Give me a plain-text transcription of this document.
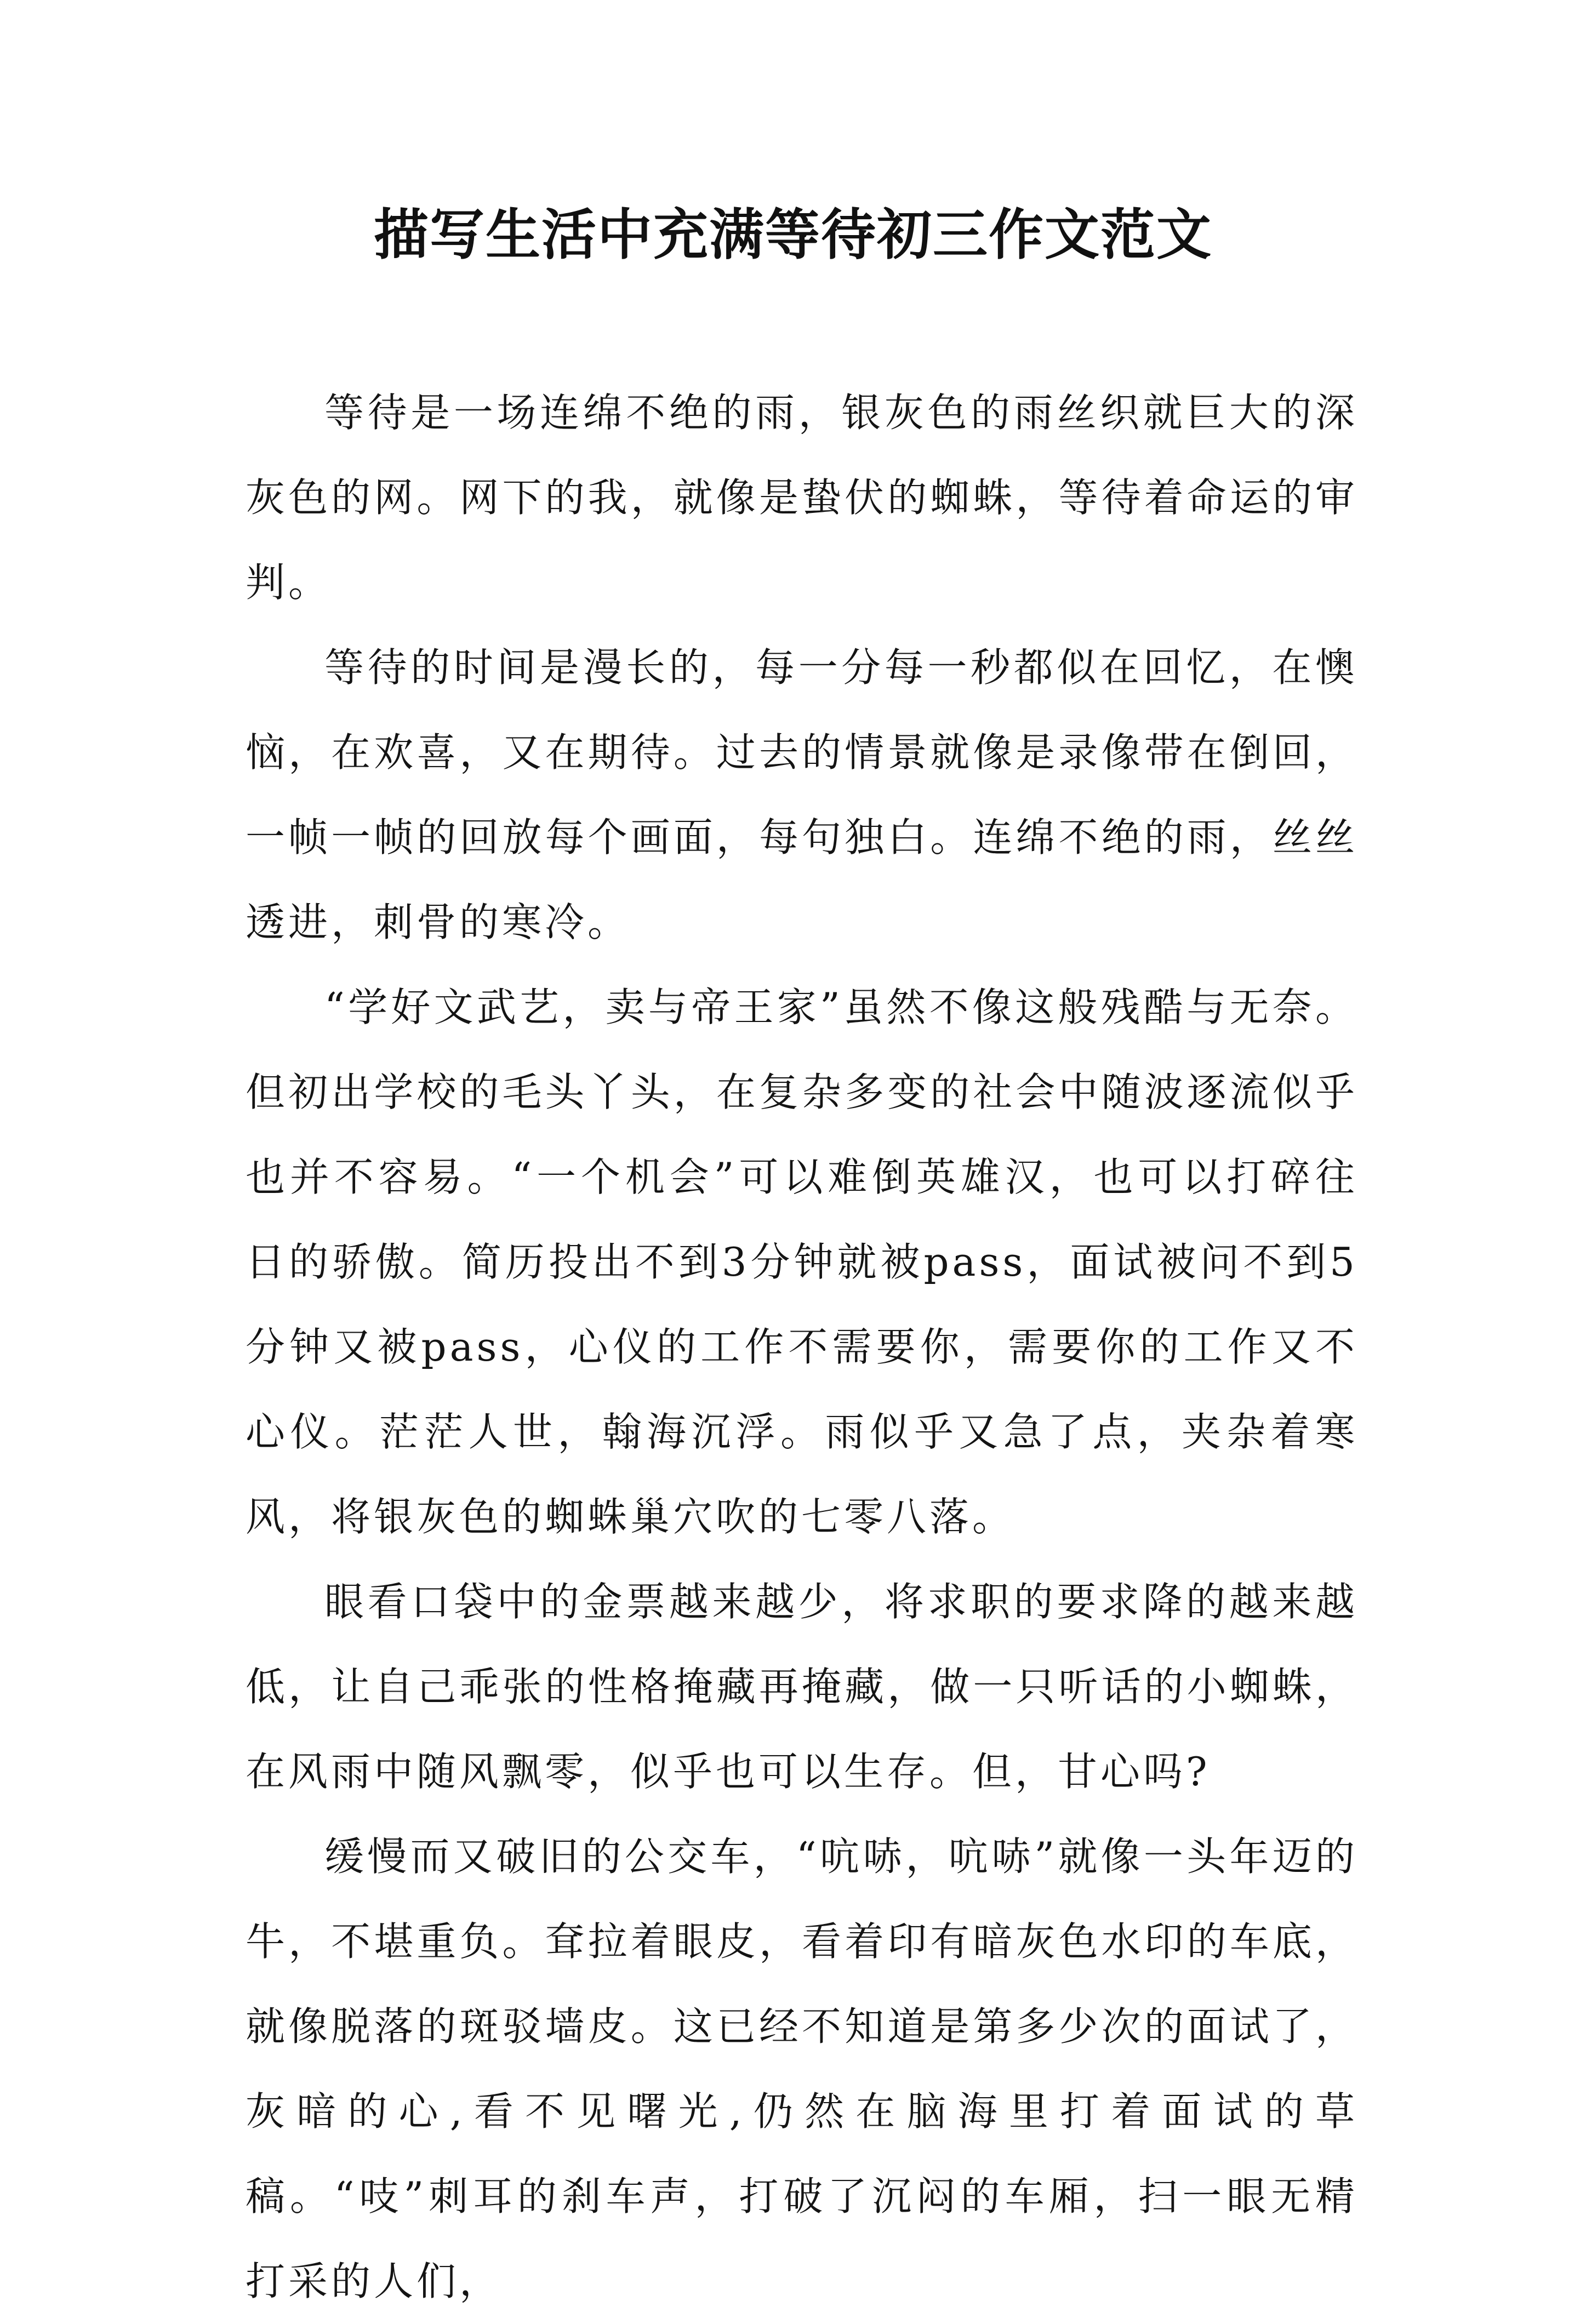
描写生活中充满等待初三作文范文

等待是一场连绵不绝的雨，银灰色的雨丝织就巨大的深灰色的网。网下的我，就像是蛰伏的蜘蛛，等待着命运的审判。

等待的时间是漫长的，每一分每一秒都似在回忆，在懊恼，在欢喜，又在期待。过去的情景就像是录像带在倒回，一帧一帧的回放每个画面，每句独白。连绵不绝的雨，丝丝透进，刺骨的寒冷。

“学好文武艺，卖与帝王家”虽然不像这般残酷与无奈。但初出学校的毛头丫头，在复杂多变的社会中随波逐流似乎也并不容易。“一个机会”可以难倒英雄汉，也可以打碎往日的骄傲。简历投出不到3分钟就被pass，面试被问不到5分钟又被pass，心仪的工作不需要你，需要你的工作又不心仪。茫茫人世，翰海沉浮。雨似乎又急了点，夹杂着寒风，将银灰色的蜘蛛巢穴吹的七零八落。

眼看口袋中的金票越来越少，将求职的要求降的越来越低，让自己乖张的性格掩藏再掩藏，做一只听话的小蜘蛛，在风雨中随风飘零，似乎也可以生存。但，甘心吗?

缓慢而又破旧的公交车，“吭哧，吭哧”就像一头年迈的牛，不堪重负。耷拉着眼皮，看着印有暗灰色水印的车底，就像脱落的斑驳墙皮。这已经不知道是第多少次的面试了，灰暗的心,看不见曙光,仍然在脑海里打着面试的草稿。“吱”刺耳的刹车声，打破了沉闷的车厢，扫一眼无精打采的人们，
